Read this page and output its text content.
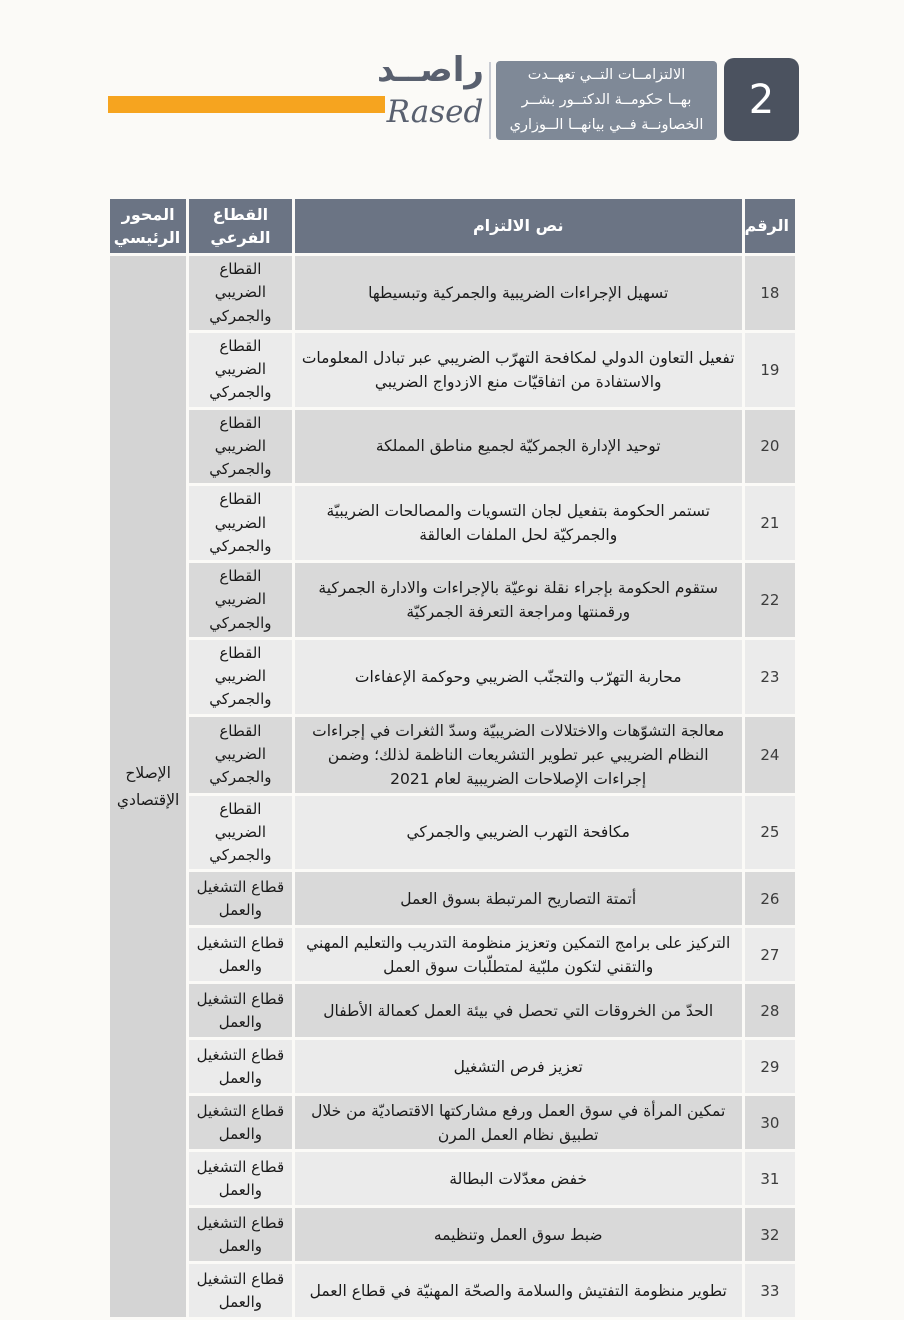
راصــد
Rased
الالتزامــات التــي تعهــدت
بهــا حكومــة الدكتــور بشــر
الخصاونــة فــي بيانهــا الــوزاري
2
الرقم	نص الالتزام	القطاع الفرعي	المحور الرئيسي
18	تسهيل الإجراءات الضريبية والجمركية وتبسيطها	القطاع الضريبي والجمركي	الإصلاح الإقتصادي
19	تفعيل التعاون الدولي لمكافحة التهرّب الضريبي عبر تبادل المعلومات والاستفادة من اتفاقيّات منع الازدواج الضريبي	القطاع الضريبي والجمركي	
20	توحيد الإدارة الجمركيّة لجميع مناطق المملكة	القطاع الضريبي والجمركي	
21	تستمر الحكومة بتفعيل لجان التسويات والمصالحات الضريبيّة والجمركيّة لحل الملفات العالقة	القطاع الضريبي والجمركي	
22	ستقوم الحكومة بإجراء نقلة نوعيّة بالإجراءات والادارة الجمركية ورقمنتها ومراجعة التعرفة الجمركيّة	القطاع الضريبي والجمركي	
23	محاربة التهرّب والتجنّب الضريبي وحوكمة الإعفاءات	القطاع الضريبي والجمركي	
24	معالجة التشوّهات والاختلالات الضريبيّة وسدّ الثغرات في إجراءات النظام الضريبي عبر تطوير التشريعات الناظمة لذلك؛ وضمن إجراءات الإصلاحات الضريبية لعام 2021	القطاع الضريبي والجمركي	
25	مكافحة التهرب الضريبي والجمركي	القطاع الضريبي والجمركي	
26	أتمتة التصاريح المرتبطة بسوق العمل	قطاع التشغيل والعمل	
27	التركيز على برامج التمكين وتعزيز منظومة التدريب والتعليم المهني والتقني لتكون ملبّية لمتطلّبات سوق العمل	قطاع التشغيل والعمل	
28	الحدّ من الخروقات التي تحصل في بيئة العمل كعمالة الأطفال	قطاع التشغيل والعمل	
29	تعزيز فرص التشغيل	قطاع التشغيل والعمل	
30	تمكين المرأة في سوق العمل ورفع مشاركتها الاقتصاديّة من خلال تطبيق نظام العمل المرن	قطاع التشغيل والعمل	
31	خفض معدّلات البطالة	قطاع التشغيل والعمل	
32	ضبط سوق العمل وتنظيمه	قطاع التشغيل والعمل	
33	تطوير منظومة التفتيش والسلامة والصحّة المهنيّة في قطاع العمل	قطاع التشغيل والعمل	
